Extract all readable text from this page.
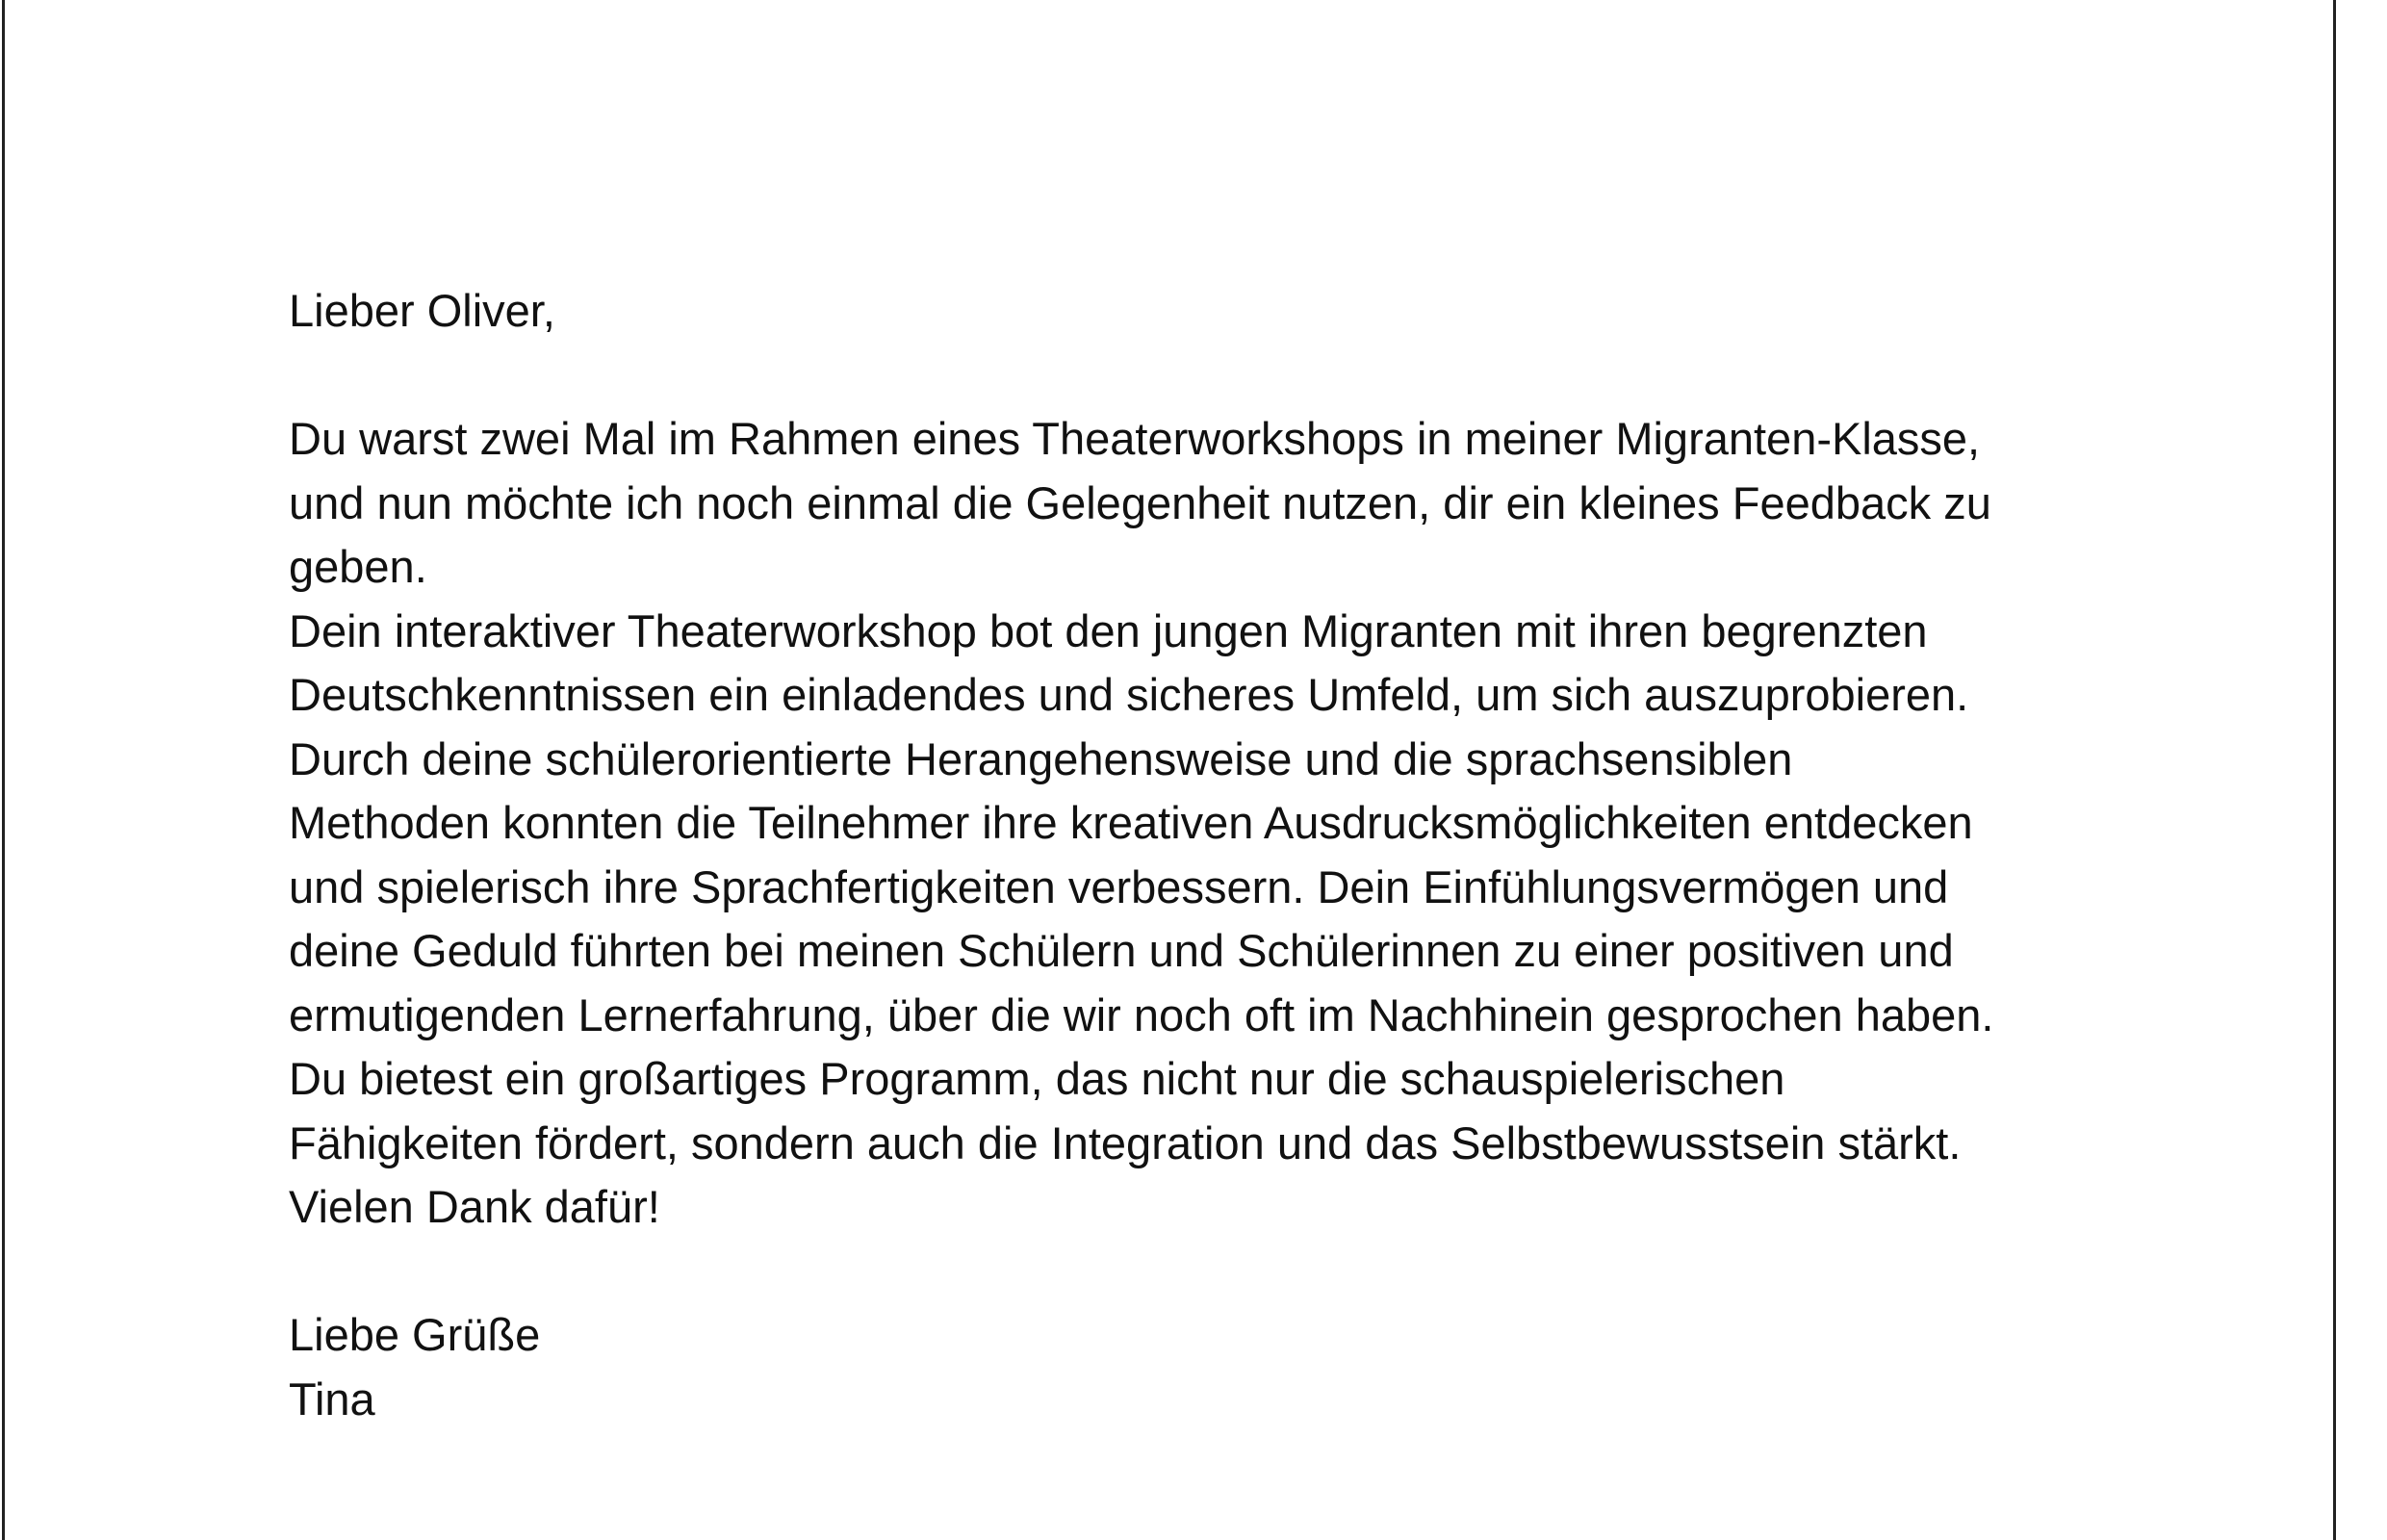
Lieber Oliver,
Du warst zwei Mal im Rahmen eines Theaterworkshops in meiner Migranten-Klasse,
und nun möchte ich noch einmal die Gelegenheit nutzen, dir ein kleines Feedback zu
geben.
Dein interaktiver Theaterworkshop bot den jungen Migranten mit ihren begrenzten
Deutschkenntnissen ein einladendes und sicheres Umfeld, um sich auszuprobieren.
Durch deine schülerorientierte Herangehensweise und die sprachsensiblen
Methoden konnten die Teilnehmer ihre kreativen Ausdrucksmöglichkeiten entdecken
und spielerisch ihre Sprachfertigkeiten verbessern. Dein Einfühlungsvermögen und
deine Geduld führten bei meinen Schülern und Schülerinnen zu einer positiven und
ermutigenden Lernerfahrung, über die wir noch oft im Nachhinein gesprochen haben.
Du bietest ein großartiges Programm, das nicht nur die schauspielerischen
Fähigkeiten fördert, sondern auch die Integration und das Selbstbewusstsein stärkt.
Vielen Dank dafür!
Liebe Grüße
Tina
